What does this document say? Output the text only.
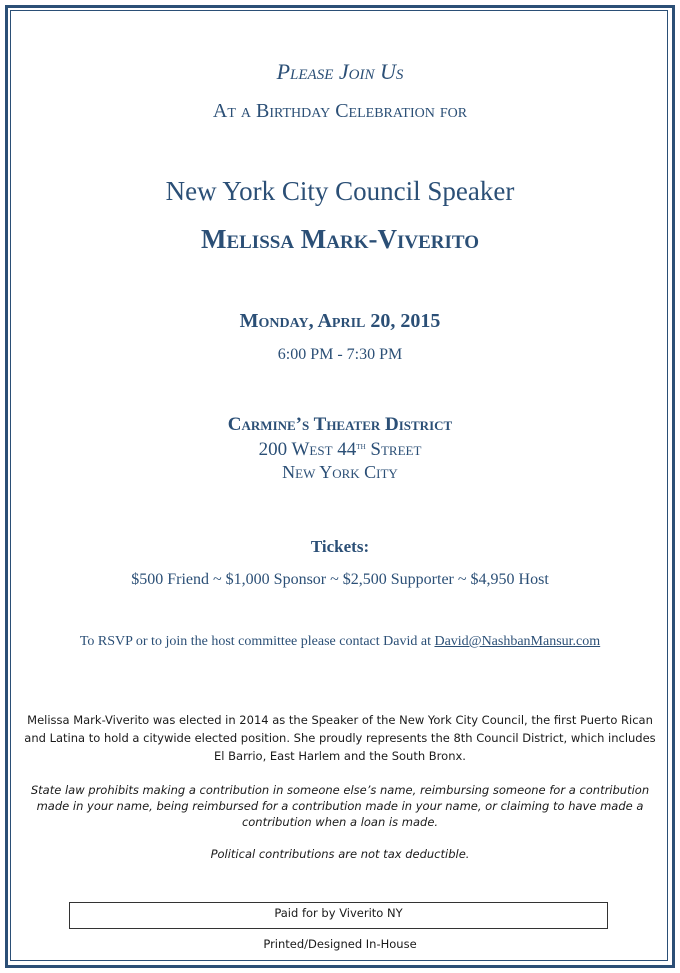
Please Join Us
At a Birthday Celebration for
New York City Council Speaker
Melissa Mark-Viverito
Monday, April 20, 2015
6:00 PM - 7:30 PM
Carmine’s Theater District
200 West 44th Street
New York City
Tickets:
$500 Friend ~ $1,000 Sponsor ~ $2,500 Supporter ~ $4,950 Host
To RSVP or to join the host committee please contact David at David@NashbanMansur.com
Melissa Mark-Viverito was elected in 2014 as the Speaker of the New York City Council, the first Puerto Rican and Latina to hold a citywide elected position. She proudly represents the 8th Council District, which includes El Barrio, East Harlem and the South Bronx.
State law prohibits making a contribution in someone else’s name, reimbursing someone for a contribution made in your name, being reimbursed for a contribution made in your name, or claiming to have made a contribution when a loan is made.
Political contributions are not tax deductible.
Paid for by Viverito NY
Printed/Designed In-House
